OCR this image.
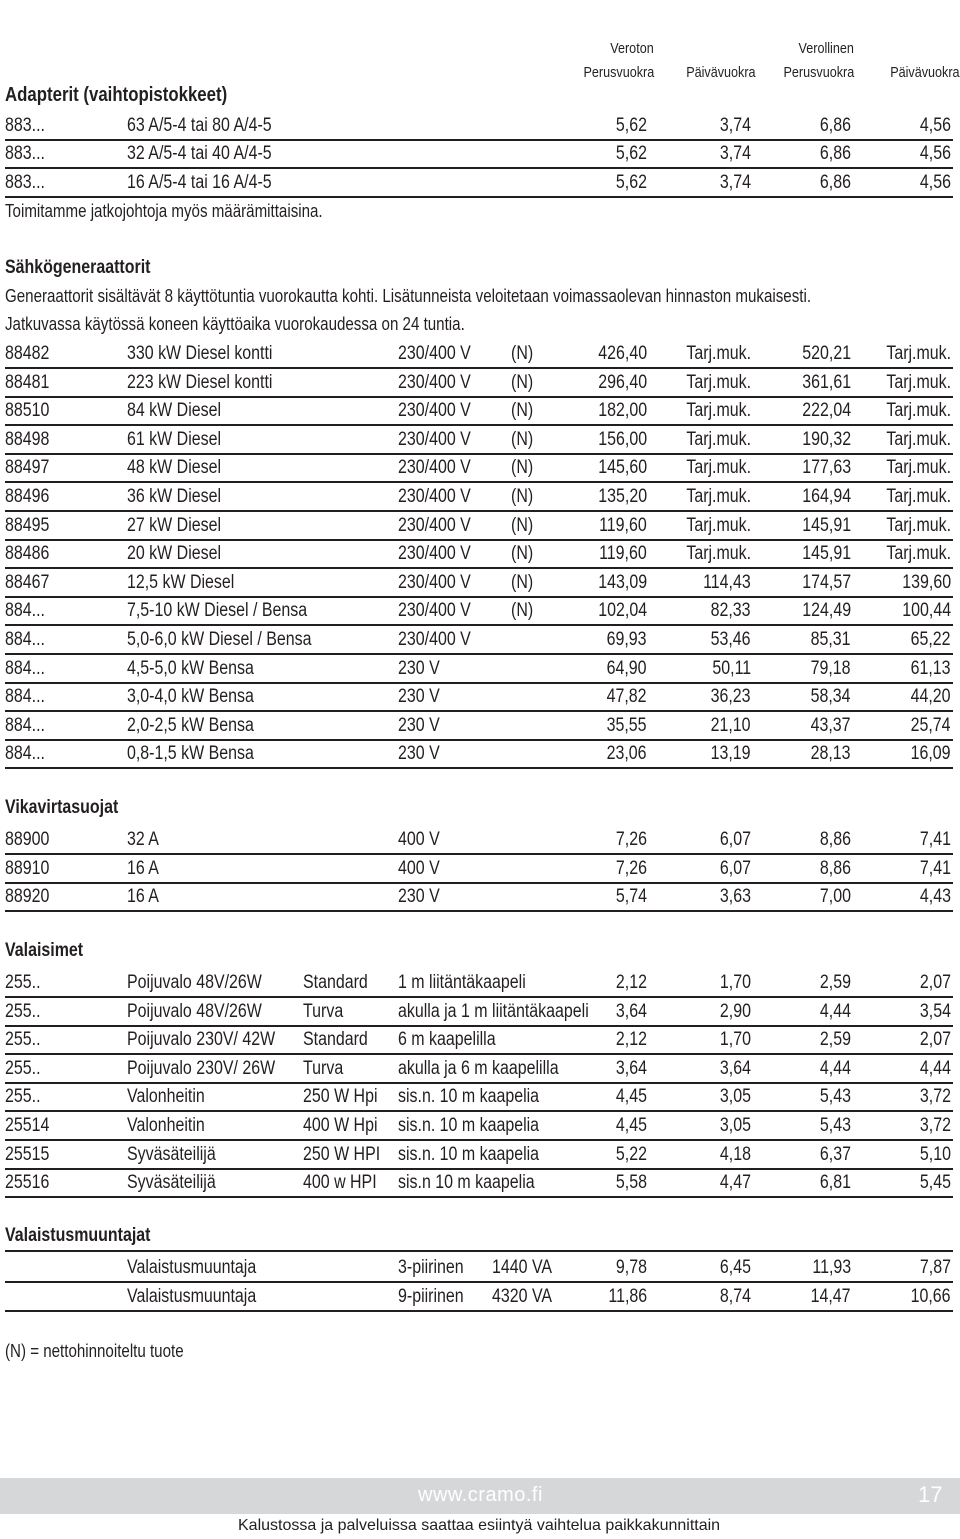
Veroton	Verollinen
Perusvuokra	Päivävuokra	Perusvuokra	Päivävuokra
Adapterit (vaihtopistokkeet)
883...	63 A/5-4 tai 80 A/4-5	5,62	3,74	6,86	4,56
883...	32 A/5-4 tai 40 A/4-5	5,62	3,74	6,86	4,56
883...	16 A/5-4 tai 16 A/4-5	5,62	3,74	6,86	4,56
Toimitamme jatkojohtoja myös määrämittaisina.
Sähkögeneraattorit
Generaattorit sisältävät 8 käyttötuntia vuorokautta kohti. Lisätunneista veloitetaan voimassaolevan hinnaston mukaisesti.
Jatkuvassa käytössä koneen käyttöaika vuorokaudessa on 24 tuntia.
88482	330 kW Diesel kontti	230/400 V	(N)	426,40	Tarj.muk.	520,21	Tarj.muk.
88481	223 kW Diesel kontti	230/400 V	(N)	296,40	Tarj.muk.	361,61	Tarj.muk.
88510	84 kW Diesel	230/400 V	(N)	182,00	Tarj.muk.	222,04	Tarj.muk.
88498	61 kW Diesel	230/400 V	(N)	156,00	Tarj.muk.	190,32	Tarj.muk.
88497	48 kW Diesel	230/400 V	(N)	145,60	Tarj.muk.	177,63	Tarj.muk.
88496	36 kW Diesel	230/400 V	(N)	135,20	Tarj.muk.	164,94	Tarj.muk.
88495	27 kW Diesel	230/400 V	(N)	119,60	Tarj.muk.	145,91	Tarj.muk.
88486	20 kW Diesel	230/400 V	(N)	119,60	Tarj.muk.	145,91	Tarj.muk.
88467	12,5 kW Diesel	230/400 V	(N)	143,09	114,43	174,57	139,60
884...	7,5-10 kW Diesel / Bensa	230/400 V	(N)	102,04	82,33	124,49	100,44
884...	5,0-6,0 kW Diesel / Bensa	230/400 V	69,93	53,46	85,31	65,22
884...	4,5-5,0 kW Bensa	230 V	64,90	50,11	79,18	61,13
884...	3,0-4,0 kW Bensa	230 V	47,82	36,23	58,34	44,20
884...	2,0-2,5 kW Bensa	230 V	35,55	21,10	43,37	25,74
884...	0,8-1,5 kW Bensa	230 V	23,06	13,19	28,13	16,09
Vikavirtasuojat
88900	32 A	400 V	7,26	6,07	8,86	7,41
88910	16 A	400 V	7,26	6,07	8,86	7,41
88920	16 A	230 V	5,74	3,63	7,00	4,43
Valaisimet
255..	Poijuvalo 48V/26W	Standard	1 m liitäntäkaapeli	2,12	1,70	2,59	2,07
255..	Poijuvalo 48V/26W	Turva	akulla ja 1 m liitäntäkaapeli	3,64	2,90	4,44	3,54
255..	Poijuvalo 230V/ 42W	Standard	6 m kaapelilla	2,12	1,70	2,59	2,07
255..	Poijuvalo 230V/ 26W	Turva	akulla ja 6 m kaapelilla	3,64	3,64	4,44	4,44
255..	Valonheitin	250 W Hpi	sis.n. 10 m kaapelia	4,45	3,05	5,43	3,72
25514	Valonheitin	400 W Hpi	sis.n. 10 m kaapelia	4,45	3,05	5,43	3,72
25515	Syväsäteilijä	250 W HPI sis.n. 10 m kaapelia	5,22	4,18	6,37	5,10
25516	Syväsäteilijä	400 w HPI	sis.n 10 m kaapelia	5,58	4,47	6,81	5,45
Valaistusmuuntajat
Valaistusmuuntaja	3-piirinen	1440 VA	9,78	6,45	11,93	7,87
Valaistusmuuntaja	9-piirinen	4320 VA	11,86	8,74	14,47	10,66
(N) = nettohinnoiteltu tuote
www.cramo.fi	17
Kalustossa ja palveluissa saattaa esiintyä vaihtelua paikkakunnittain
